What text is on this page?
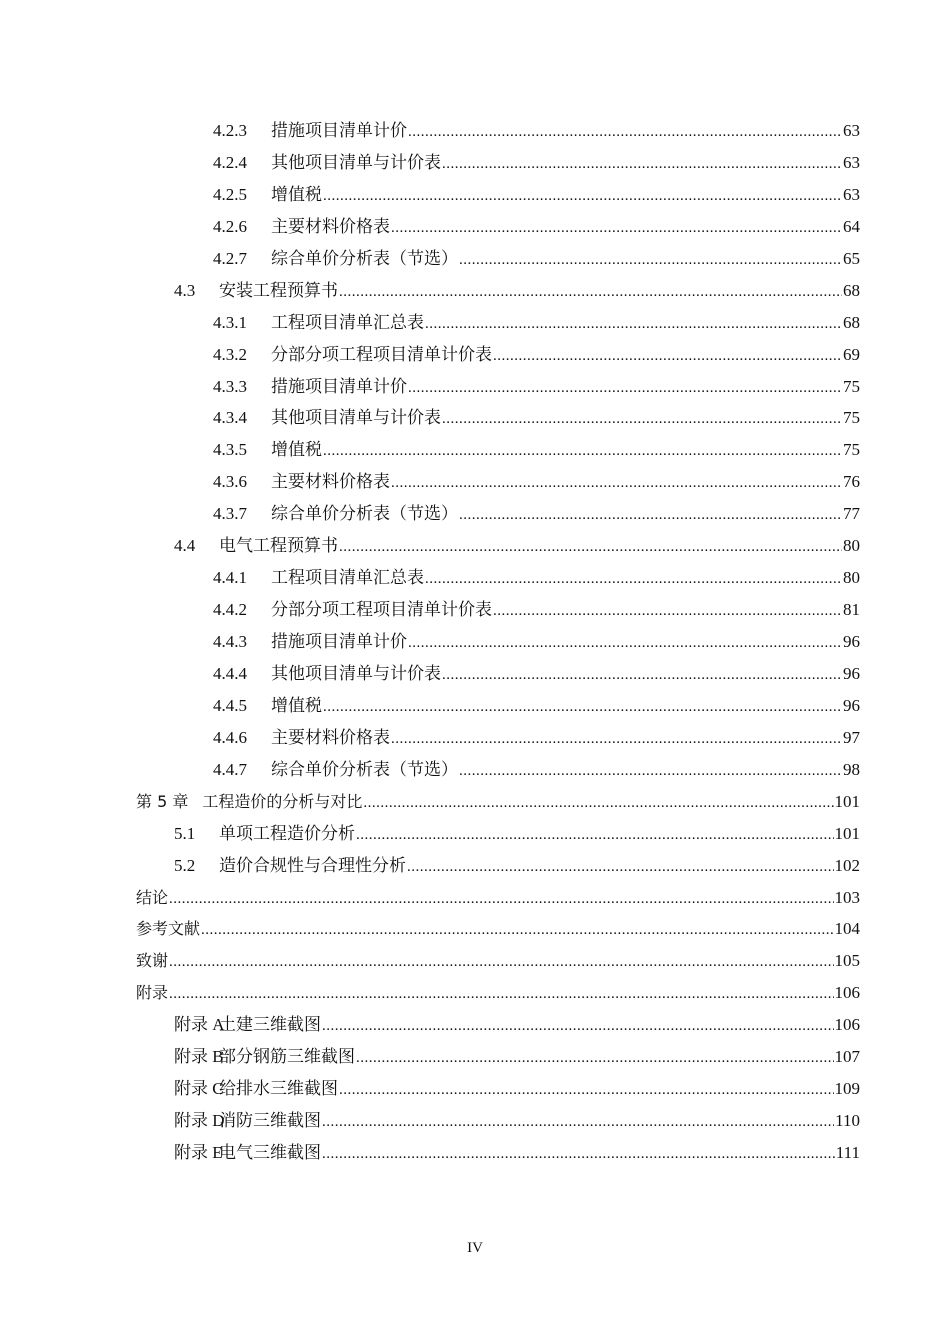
4.2.3 措施项目清单计价 .....	63
4.2.4 其他项目清单与计价表 .....	63
4.2.5 增值税 .....	63
4.2.6 主要材料价格表 .....	64
4.2.7 综合单价分析表（节选） .....	65
4.3 安装工程预算书 .....	68
4.3.1 工程项目清单汇总表 .....	68
4.3.2 分部分项工程项目清单计价表 .....	69
4.3.3 措施项目清单计价 .....	75
4.3.4 其他项目清单与计价表 .....	75
4.3.5 增值税 .....	75
4.3.6 主要材料价格表 .....	76
4.3.7 综合单价分析表（节选） .....	77
4.4 电气工程预算书 .....	80
4.4.1 工程项目清单汇总表 .....	80
4.4.2 分部分项工程项目清单计价表 .....	81
4.4.3 措施项目清单计价 .....	96
4.4.4 其他项目清单与计价表 .....	96
4.4.5 增值税 .....	96
4.4.6 主要材料价格表 .....	97
4.4.7 综合单价分析表（节选） .....	98
第 5 章 工程造价的分析与对比 .....	101
5.1 单项工程造价分析 .....	101
5.2 造价合规性与合理性分析 .....	102
结论 .....	103
参考文献 .....	104
致谢 .....	105
附录 .....	106
附录 A土建三维截图 .....	106
附录 B部分钢筋三维截图 .....	107
附录 C给排水三维截图 .....	109
附录 D消防三维截图 .....	110
附录 E电气三维截图 .....	111
IV
